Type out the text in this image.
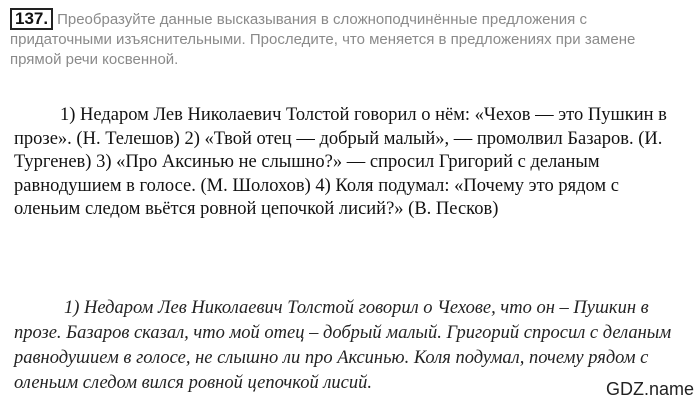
137. Преобразуйте данные высказывания в сложноподчинённые предложения с придаточными изъяснительными. Проследите, что меняется в предложениях при замене прямой речи косвенной.
1) Недаром Лев Николаевич Толстой говорил о нём: «Чехов — это Пушкин в прозе». (Н. Телешов) 2) «Твой отец — добрый малый», — промолвил Базаров. (И. Тургенев) 3) «Про Аксинью не слышно?» — спросил Григорий с деланым равнодушием в голосе. (М. Шолохов) 4) Коля подумал: «Почему это рядом с оленьим следом вьётся ровной цепочкой лисий?» (В. Песков)
1) Недаром Лев Николаевич Толстой говорил о Чехове, что он – Пушкин в прозе. Базаров сказал, что мой отец – добрый малый. Григорий спросил с деланым равнодушием в голосе, не слышно ли про Аксинью. Коля подумал, почему рядом с оленьим следом вился ровной цепочкой лисий.	GDZ.name
